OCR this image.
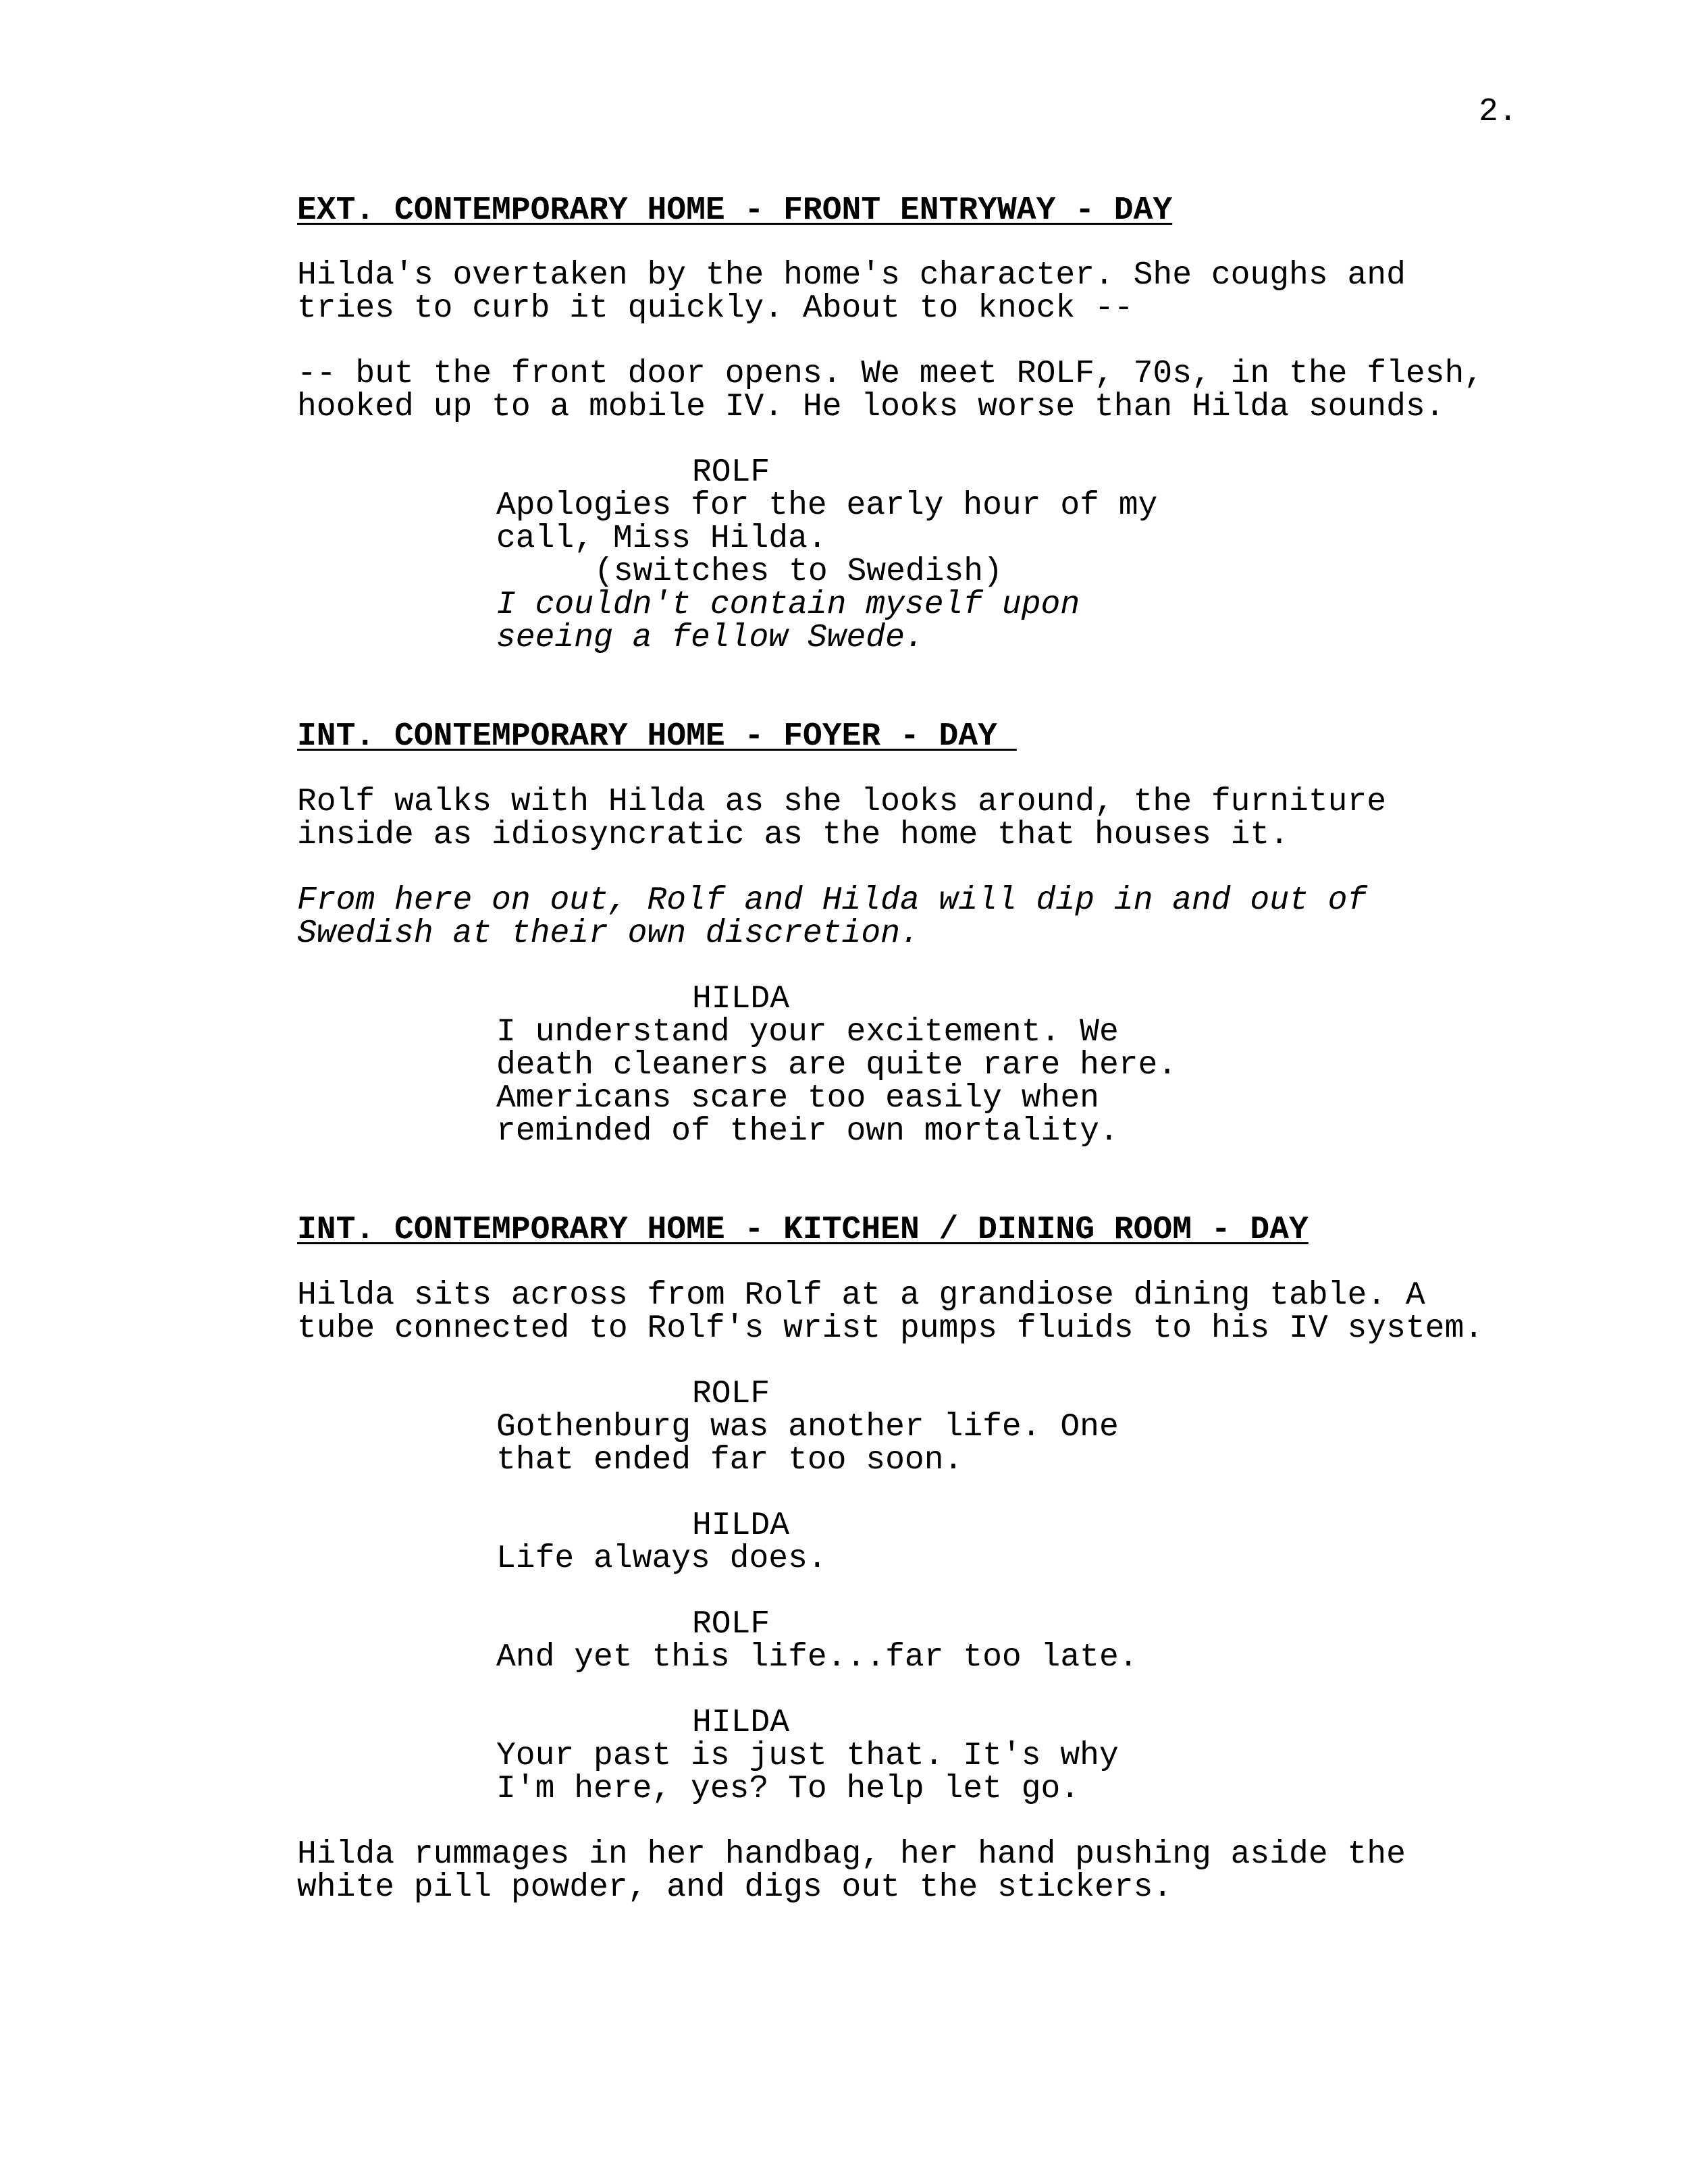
2.
EXT. CONTEMPORARY HOME - FRONT ENTRYWAY - DAY
Hilda's overtaken by the home's character. She coughs and
tries to curb it quickly. About to knock --
-- but the front door opens. We meet ROLF, 70s, in the flesh,
hooked up to a mobile IV. He looks worse than Hilda sounds.
ROLF
Apologies for the early hour of my
call, Miss Hilda.
(switches to Swedish)
I couldn't contain myself upon
seeing a fellow Swede.
INT. CONTEMPORARY HOME - FOYER - DAY
Rolf walks with Hilda as she looks around, the furniture
inside as idiosyncratic as the home that houses it.
From here on out, Rolf and Hilda will dip in and out of
Swedish at their own discretion.
HILDA
I understand your excitement. We
death cleaners are quite rare here.
Americans scare too easily when
reminded of their own mortality.
INT. CONTEMPORARY HOME - KITCHEN / DINING ROOM - DAY
Hilda sits across from Rolf at a grandiose dining table. A
tube connected to Rolf's wrist pumps fluids to his IV system.
ROLF
Gothenburg was another life. One
that ended far too soon.
HILDA
Life always does.
ROLF
And yet this life...far too late.
HILDA
Your past is just that. It's why
I'm here, yes? To help let go.
Hilda rummages in her handbag, her hand pushing aside the
white pill powder, and digs out the stickers.
